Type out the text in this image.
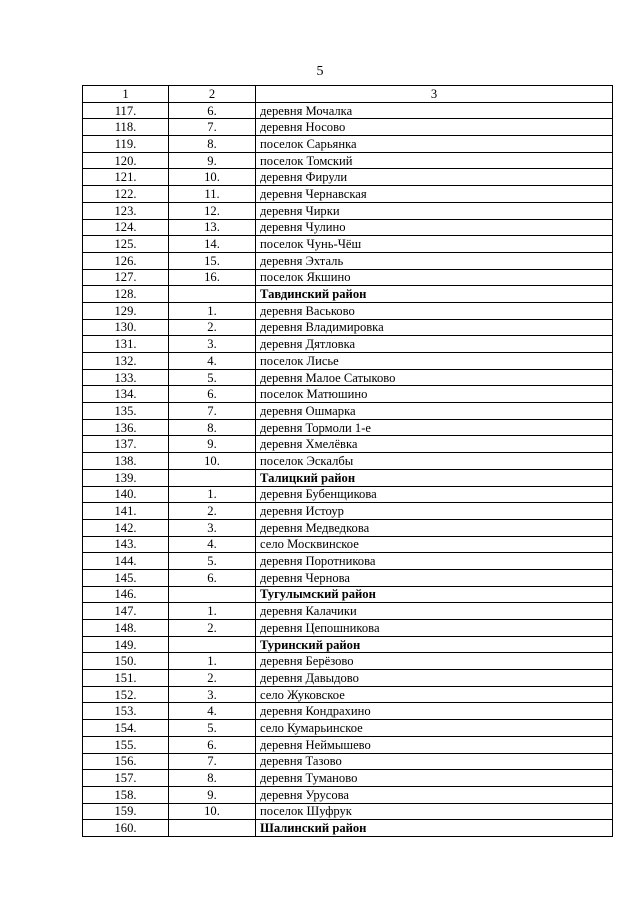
5
1	2	3
117.	6.	деревня Мочалка
118.	7.	деревня Носово
119.	8.	поселок Сарьянка
120.	9.	поселок Томский
121.	10.	деревня Фирули
122.	11.	деревня Чернавская
123.	12.	деревня Чирки
124.	13.	деревня Чулино
125.	14.	поселок Чунь-Чёш
126.	15.	деревня Эхталь
127.	16.	поселок Якшино
128.		Тавдинский район
129.	1.	деревня Васьково
130.	2.	деревня Владимировка
131.	3.	деревня Дятловка
132.	4.	поселок Лисье
133.	5.	деревня Малое Сатыково
134.	6.	поселок Матюшино
135.	7.	деревня Ошмарка
136.	8.	деревня Тормоли 1-е
137.	9.	деревня Хмелёвка
138.	10.	поселок Эскалбы
139.		Талицкий район
140.	1.	деревня Бубенщикова
141.	2.	деревня Истоур
142.	3.	деревня Медведкова
143.	4.	село Москвинское
144.	5.	деревня Поротникова
145.	6.	деревня Чернова
146.		Тугулымский район
147.	1.	деревня Калачики
148.	2.	деревня Цепошникова
149.		Туринский район
150.	1.	деревня Берёзово
151.	2.	деревня Давыдово
152.	3.	село Жуковское
153.	4.	деревня Кондрахино
154.	5.	село Кумарьинское
155.	6.	деревня Неймышево
156.	7.	деревня Тазово
157.	8.	деревня Туманово
158.	9.	деревня Урусова
159.	10.	поселок Шуфрук
160.		Шалинский район
